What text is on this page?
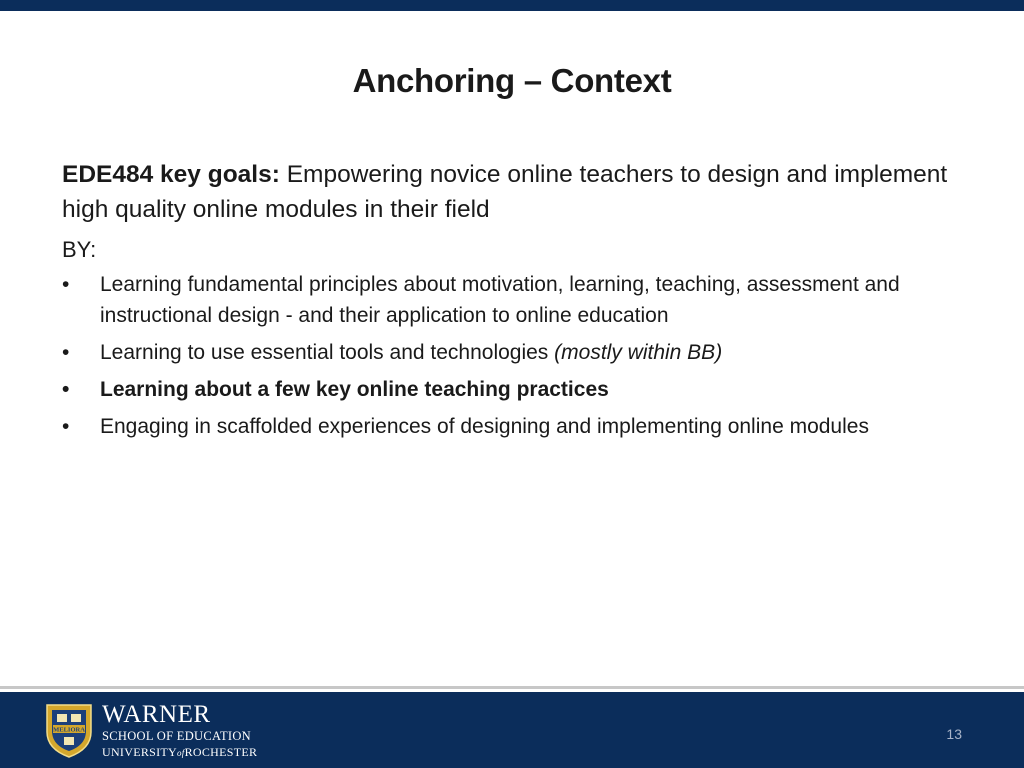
Anchoring – Context

EDE484 key goals: Empowering novice online teachers to design and implement high quality online modules in their field

BY:
• Learning fundamental principles about motivation, learning, teaching, assessment and instructional design - and their application to online education
• Learning to use essential tools and technologies (mostly within BB)
• Learning about a few key online teaching practices
• Engaging in scaffolded experiences of designing and implementing online modules
MELIORA
WARNER
SCHOOL OF EDUCATION
UNIVERSITYofROCHESTER
13
